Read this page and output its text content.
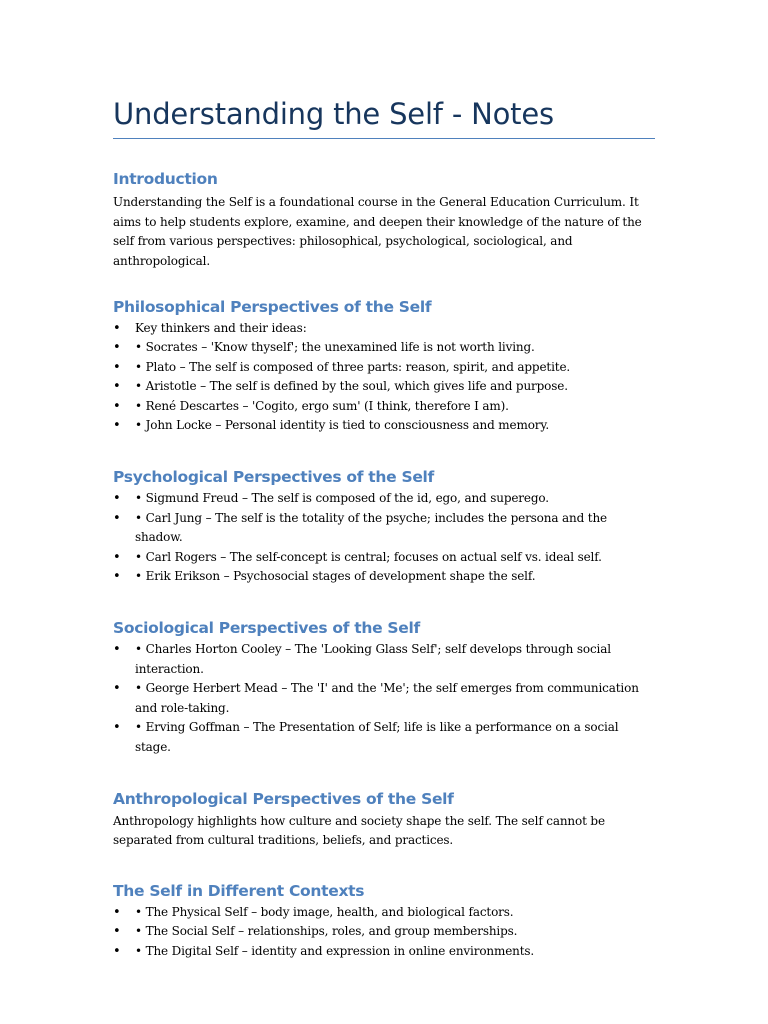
Understanding the Self - Notes
Introduction

Understanding the Self is a foundational course in the General Education Curriculum. It aims to help students explore, examine, and deepen their knowledge of the nature of the self from various perspectives: philosophical, psychological, sociological, and anthropological.

Philosophical Perspectives of the Self
• Key thinkers and their ideas:
• • Socrates – 'Know thyself'; the unexamined life is not worth living.
• • Plato – The self is composed of three parts: reason, spirit, and appetite.
• • Aristotle – The self is defined by the soul, which gives life and purpose.
• • René Descartes – 'Cogito, ergo sum' (I think, therefore I am).
• • John Locke – Personal identity is tied to consciousness and memory.
Psychological Perspectives of the Self
• • Sigmund Freud – The self is composed of the id, ego, and superego.
• • Carl Jung – The self is the totality of the psyche; includes the persona and the shadow.
• • Carl Rogers – The self-concept is central; focuses on actual self vs. ideal self.
• • Erik Erikson – Psychosocial stages of development shape the self.
Sociological Perspectives of the Self
• • Charles Horton Cooley – The 'Looking Glass Self'; self develops through social interaction.
• • George Herbert Mead – The 'I' and the 'Me'; the self emerges from communication and role-taking.
• • Erving Goffman – The Presentation of Self; life is like a performance on a social stage.
Anthropological Perspectives of the Self

Anthropology highlights how culture and society shape the self. The self cannot be separated from cultural traditions, beliefs, and practices.

The Self in Different Contexts
• • The Physical Self – body image, health, and biological factors.
• • The Social Self – relationships, roles, and group memberships.
• • The Digital Self – identity and expression in online environments.
